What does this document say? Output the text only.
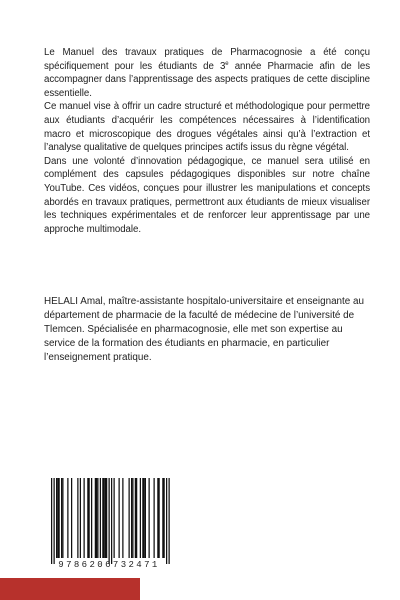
Le Manuel des travaux pratiques de Pharmacognosie a été conçu spécifiquement pour les étudiants de 3e année Pharmacie afin de les accompagner dans l’apprentissage des aspects pratiques de cette discipline essentielle.

Ce manuel vise à offrir un cadre structuré et méthodologique pour permettre aux étudiants d’acquérir les compétences nécessaires à l’identification macro et microscopique des drogues végétales ainsi qu’à l’extraction et l’analyse qualitative de quelques principes actifs issus du règne végétal.

Dans une volonté d’innovation pédagogique, ce manuel sera utilisé en complément des capsules pédagogiques disponibles sur notre chaîne YouTube. Ces vidéos, conçues pour illustrer les manipulations et concepts abordés en travaux pratiques, permettront aux étudiants de mieux visualiser les techniques expérimentales et de renforcer leur apprentissage par une approche multimodale.

HELALI Amal, maître-assistante hospitalo-universitaire et enseignante au département de pharmacie de la faculté de médecine de l’université de Tlemcen. Spécialisée en pharmacognosie, elle met son expertise au service de la formation des étudiants en pharmacie, en particulier l’enseignement pratique.

9786206732471
